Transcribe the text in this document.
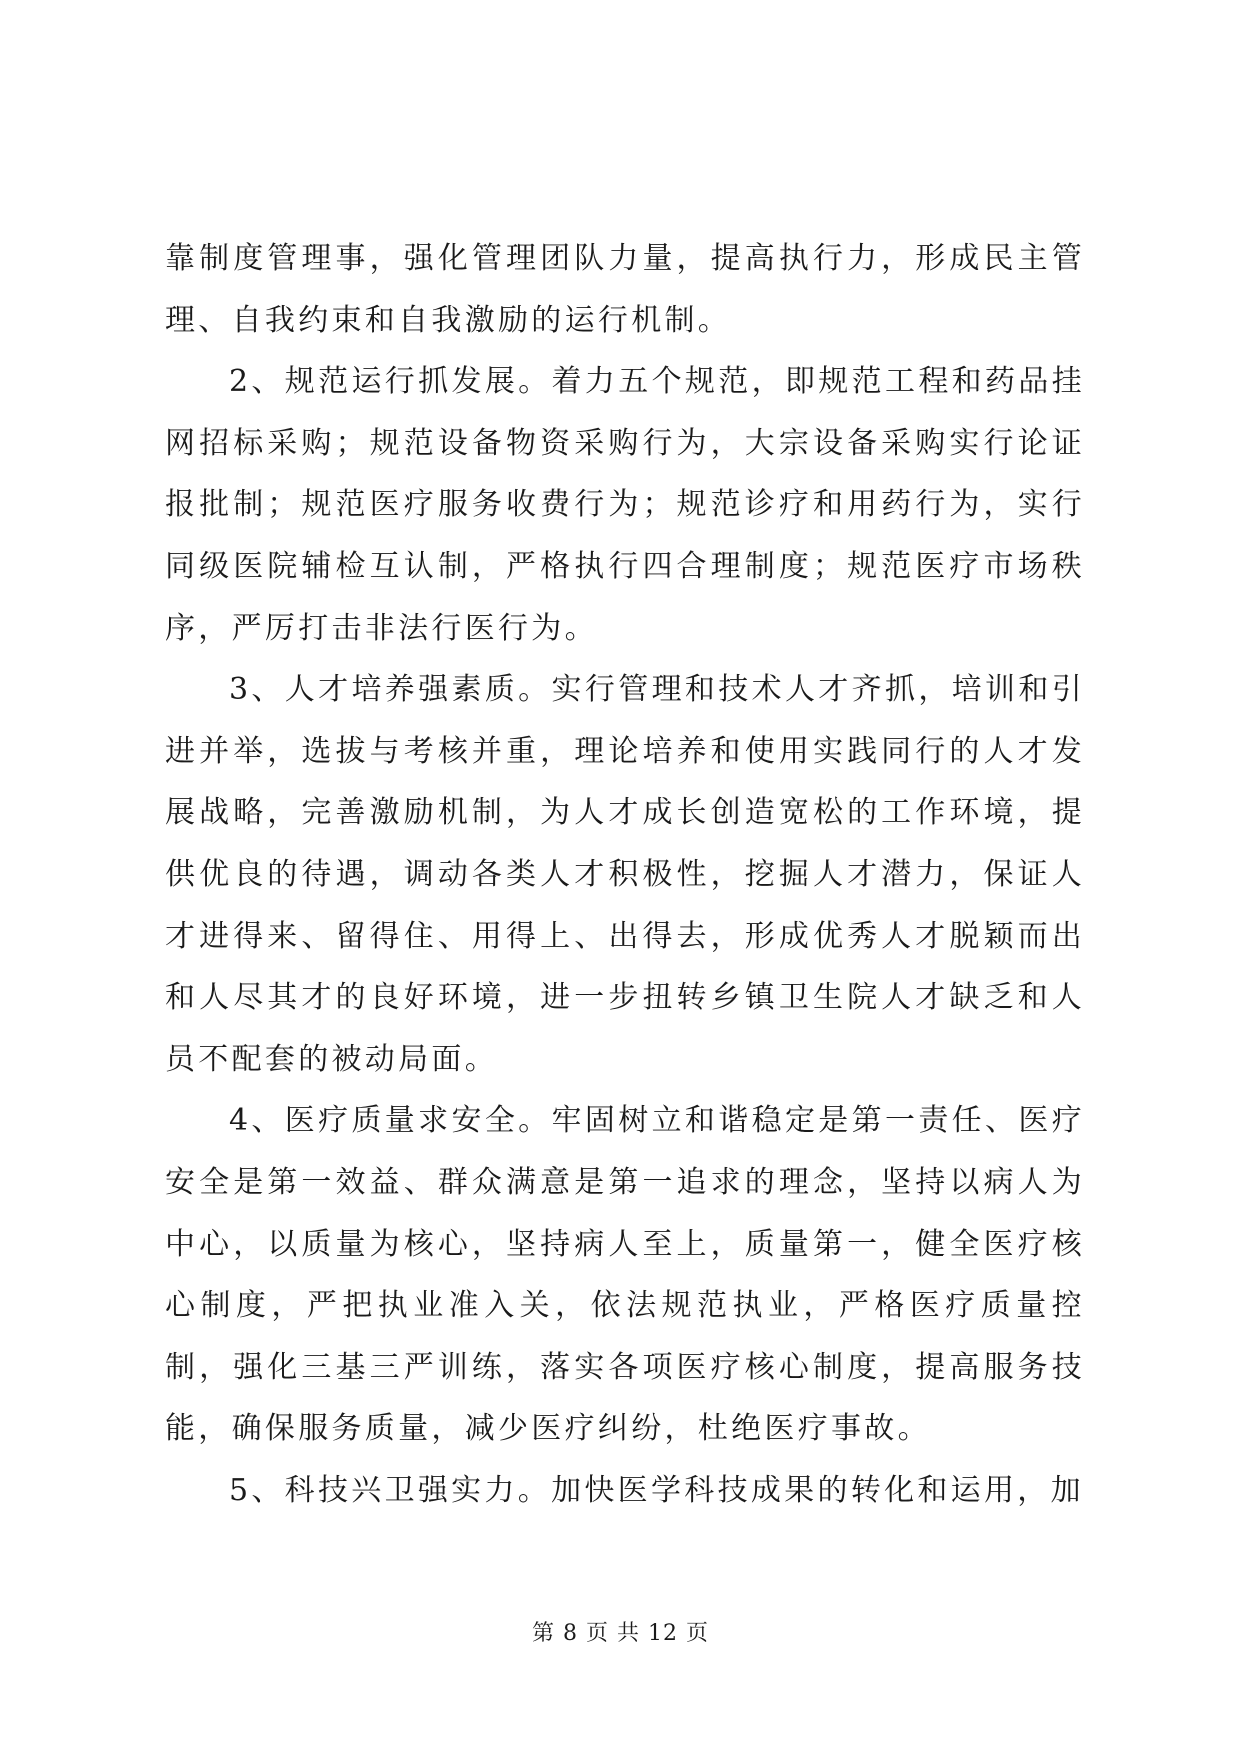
靠制度管理事，强化管理团队力量，提高执行力，形成民主管理、自我约束和自我激励的运行机制。

2、规范运行抓发展。着力五个规范，即规范工程和药品挂网招标采购；规范设备物资采购行为，大宗设备采购实行论证报批制；规范医疗服务收费行为；规范诊疗和用药行为，实行同级医院辅检互认制，严格执行四合理制度；规范医疗市场秩序，严厉打击非法行医行为。

3、人才培养强素质。实行管理和技术人才齐抓，培训和引进并举，选拔与考核并重，理论培养和使用实践同行的人才发展战略，完善激励机制，为人才成长创造宽松的工作环境，提供优良的待遇，调动各类人才积极性，挖掘人才潜力，保证人才进得来、留得住、用得上、出得去，形成优秀人才脱颖而出和人尽其才的良好环境，进一步扭转乡镇卫生院人才缺乏和人员不配套的被动局面。

4、医疗质量求安全。牢固树立和谐稳定是第一责任、医疗安全是第一效益、群众满意是第一追求的理念，坚持以病人为中心，以质量为核心，坚持病人至上，质量第一，健全医疗核心制度，严把执业准入关，依法规范执业，严格医疗质量控制，强化三基三严训练，落实各项医疗核心制度，提高服务技能，确保服务质量，减少医疗纠纷，杜绝医疗事故。

5、科技兴卫强实力。加快医学科技成果的转化和运用，加

第 8 页 共 12 页
